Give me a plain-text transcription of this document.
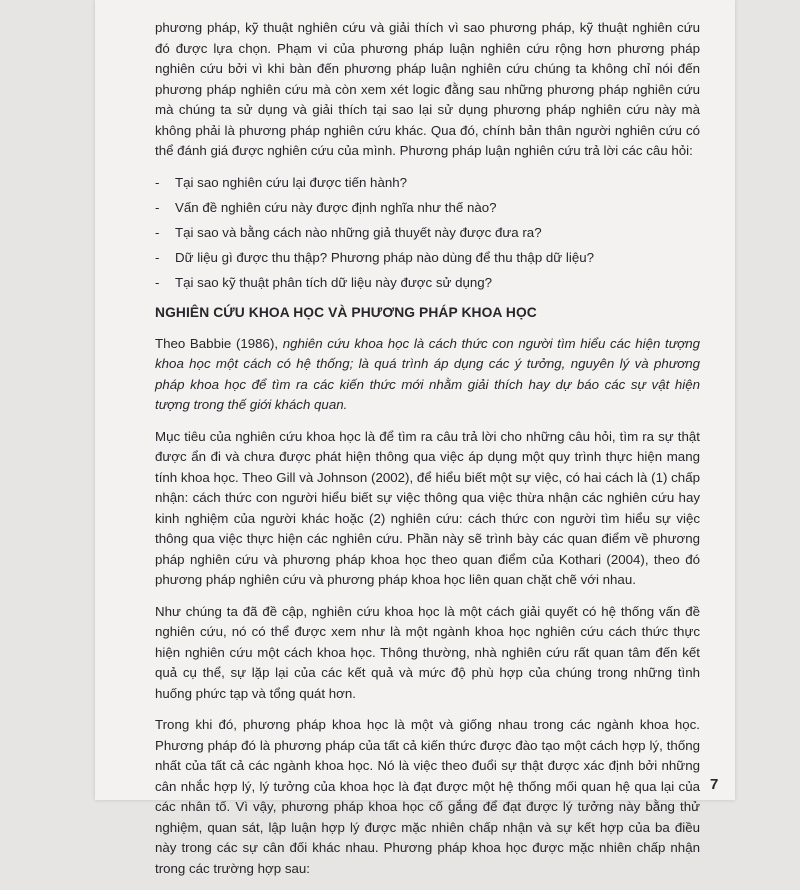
phương pháp, kỹ thuật nghiên cứu và giải thích vì sao phương pháp, kỹ thuật nghiên cứu đó được lựa chọn. Phạm vi của phương pháp luận nghiên cứu rộng hơn phương pháp nghiên cứu bởi vì khi bàn đến phương pháp luận nghiên cứu chúng ta không chỉ nói đến phương pháp nghiên cứu mà còn xem xét logic đằng sau những phương pháp nghiên cứu mà chúng ta sử dụng và giải thích tại sao lại sử dụng phương pháp nghiên cứu này mà không phải là phương pháp nghiên cứu khác. Qua đó, chính bản thân người nghiên cứu có thể đánh giá được nghiên cứu của mình. Phương pháp luận nghiên cứu trả lời các câu hỏi:

- Tại sao nghiên cứu lại được tiến hành?
- Vấn đề nghiên cứu này được định nghĩa như thế nào?
- Tại sao và bằng cách nào những giả thuyết này được đưa ra?
- Dữ liệu gì được thu thập? Phương pháp nào dùng để thu thập dữ liệu?
- Tại sao kỹ thuật phân tích dữ liệu này được sử dụng?
NGHIÊN CỨU KHOA HỌC VÀ PHƯƠNG PHÁP KHOA HỌC

Theo Babbie (1986), nghiên cứu khoa học là cách thức con người tìm hiểu các hiện tượng khoa học một cách có hệ thống; là quá trình áp dụng các ý tưởng, nguyên lý và phương pháp khoa học để tìm ra các kiến thức mới nhằm giải thích hay dự báo các sự vật hiện tượng trong thế giới khách quan.

Mục tiêu của nghiên cứu khoa học là để tìm ra câu trả lời cho những câu hỏi, tìm ra sự thật được ẩn đi và chưa được phát hiện thông qua việc áp dụng một quy trình thực hiện mang tính khoa học. Theo Gill và Johnson (2002), để hiểu biết một sự việc, có hai cách là (1) chấp nhận: cách thức con người hiểu biết sự việc thông qua việc thừa nhận các nghiên cứu hay kinh nghiệm của người khác hoặc (2) nghiên cứu: cách thức con người tìm hiểu sự việc thông qua việc thực hiện các nghiên cứu. Phần này sẽ trình bày các quan điểm về phương pháp nghiên cứu và phương pháp khoa học theo quan điểm của Kothari (2004), theo đó phương pháp nghiên cứu và phương pháp khoa học liên quan chặt chẽ với nhau.

Như chúng ta đã đề cập, nghiên cứu khoa học là một cách giải quyết có hệ thống vấn đề nghiên cứu, nó có thể được xem như là một ngành khoa học nghiên cứu cách thức thực hiện nghiên cứu một cách khoa học. Thông thường, nhà nghiên cứu rất quan tâm đến kết quả cụ thể, sự lặp lại của các kết quả và mức độ phù hợp của chúng trong những tình huống phức tạp và tổng quát hơn.

Trong khi đó, phương pháp khoa học là một và giống nhau trong các ngành khoa học. Phương pháp đó là phương pháp của tất cả kiến thức được đào tạo một cách hợp lý, thống nhất của tất cả các ngành khoa học. Nó là việc theo đuổi sự thật được xác định bởi những cân nhắc hợp lý, lý tưởng của khoa học là đạt được một hệ thống mối quan hệ qua lại của các nhân tố. Vì vậy, phương pháp khoa học cố gắng để đạt được lý tưởng này bằng thử nghiệm, quan sát, lập luận hợp lý được mặc nhiên chấp nhận và sự kết hợp của ba điều này trong các sự cân đối khác nhau. Phương pháp khoa học được mặc nhiên chấp nhận trong các trường hợp sau:

7
